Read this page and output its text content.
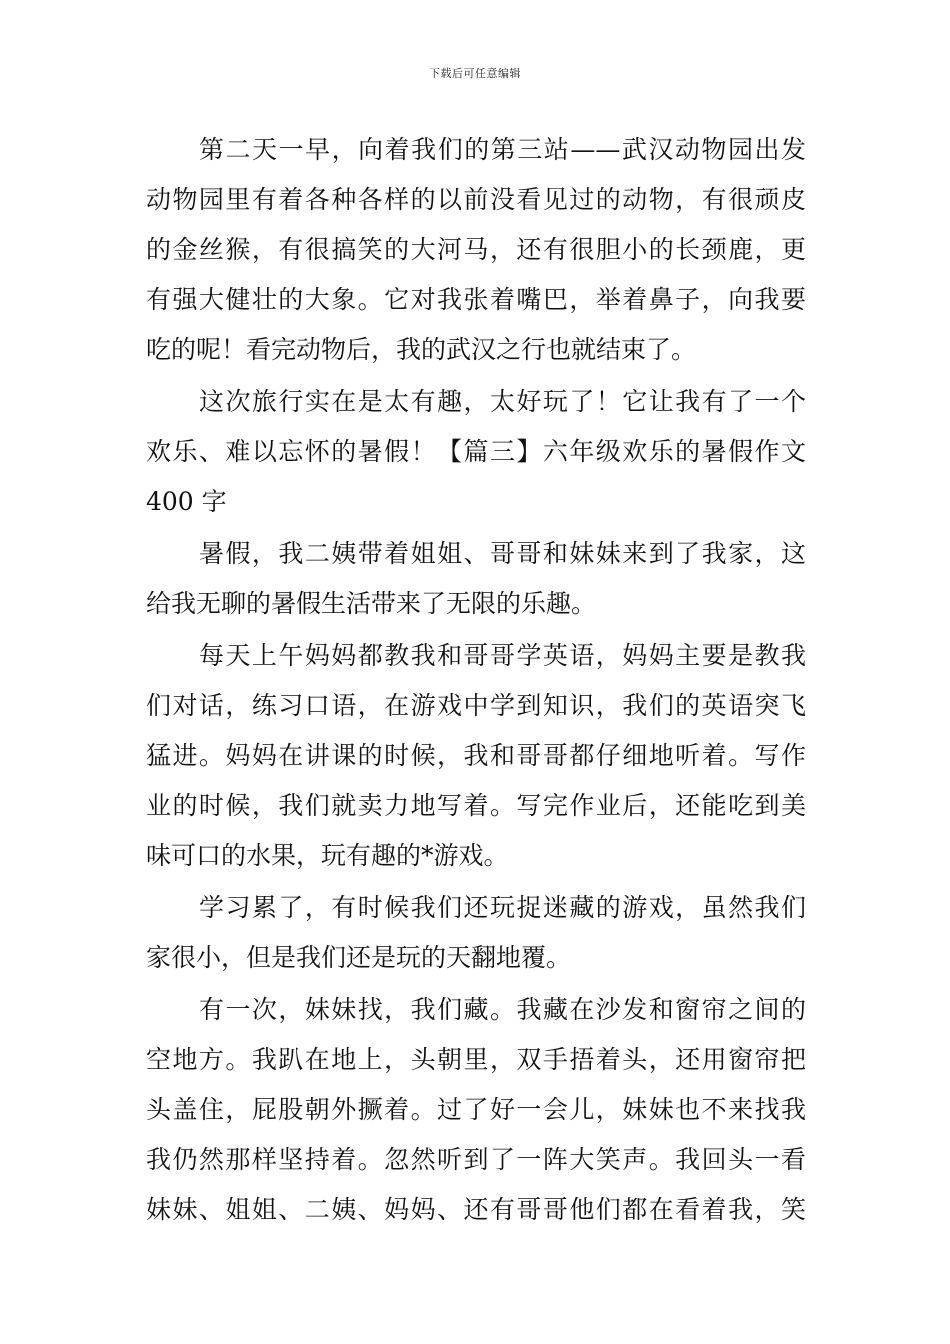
下载后可任意编辑
第二天一早，向着我们的第三站——武汉动物园出发
动物园里有着各种各样的以前没看见过的动物，有很顽皮
的金丝猴，有很搞笑的大河马，还有很胆小的长颈鹿，更
有强大健壮的大象。它对我张着嘴巴，举着鼻子，向我要
吃的呢！看完动物后，我的武汉之行也就结束了。
这次旅行实在是太有趣，太好玩了！它让我有了一个
欢乐、难以忘怀的暑假！【篇三】六年级欢乐的暑假作文
400 字
暑假，我二姨带着姐姐、哥哥和妹妹来到了我家，这
给我无聊的暑假生活带来了无限的乐趣。
每天上午妈妈都教我和哥哥学英语，妈妈主要是教我
们对话，练习口语，在游戏中学到知识，我们的英语突飞
猛进。妈妈在讲课的时候，我和哥哥都仔细地听着。写作
业的时候，我们就卖力地写着。写完作业后，还能吃到美
味可口的水果，玩有趣的*游戏。
学习累了，有时候我们还玩捉迷藏的游戏，虽然我们
家很小，但是我们还是玩的天翻地覆。
有一次，妹妹找，我们藏。我藏在沙发和窗帘之间的
空地方。我趴在地上，头朝里，双手捂着头，还用窗帘把
头盖住，屁股朝外撅着。过了好一会儿，妹妹也不来找我
我仍然那样坚持着。忽然听到了一阵大笑声。我回头一看
妹妹、姐姐、二姨、妈妈、还有哥哥他们都在看着我，笑
